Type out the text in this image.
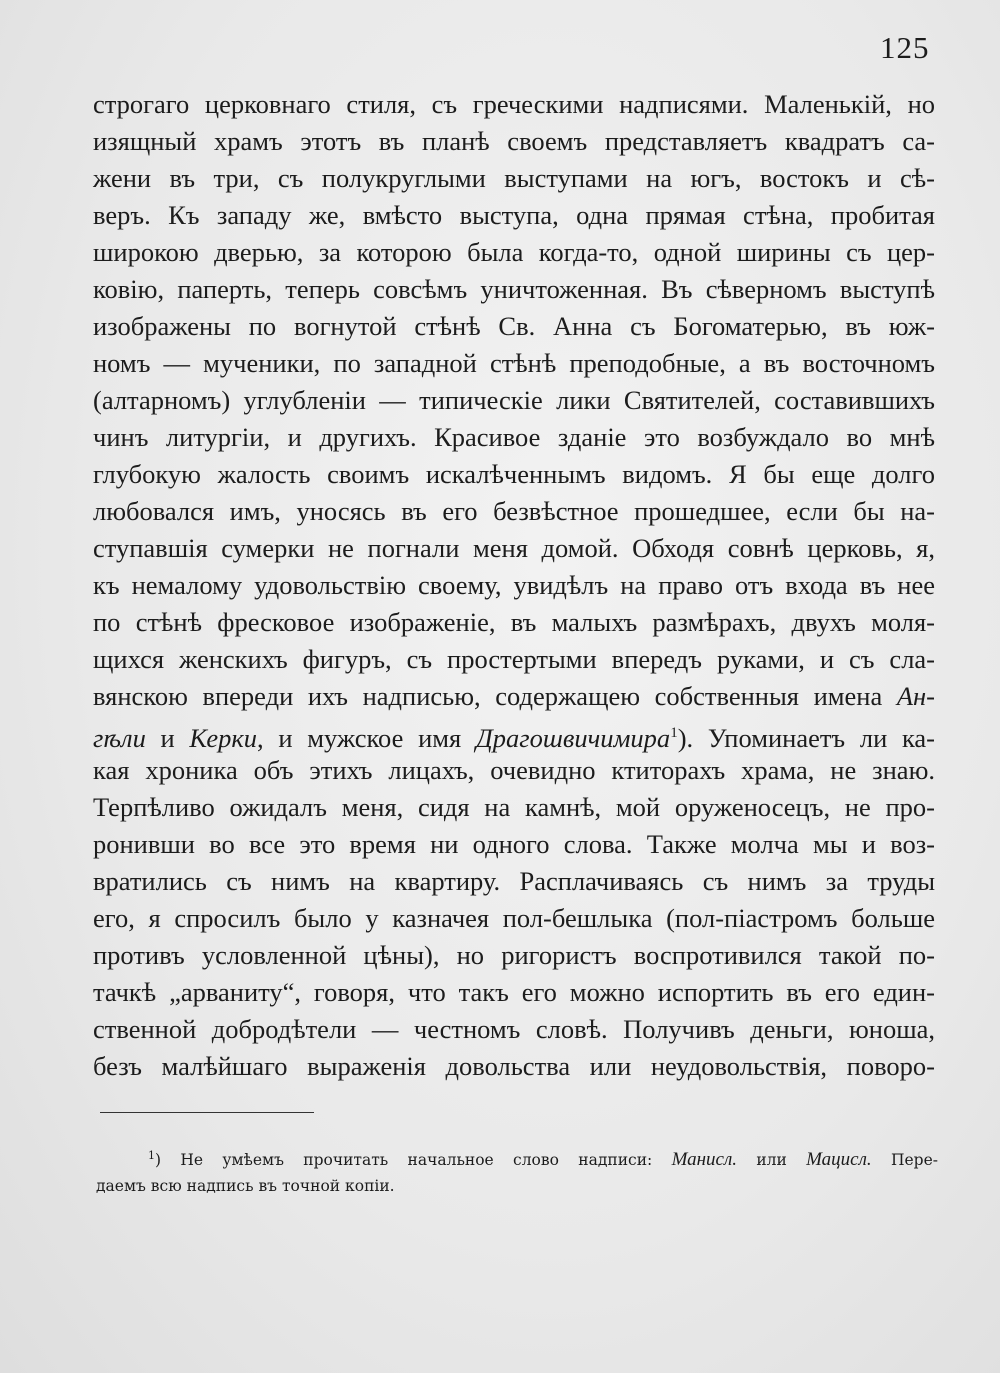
125
строгаго церковнаго стиля, съ греческими надписями. Маленькій, но
изящный храмъ этотъ въ планѣ своемъ представляетъ квадратъ са-
жени въ три, съ полукруглыми выступами на югъ, востокъ и сѣ-
веръ. Къ западу же, вмѣсто выступа, одна прямая стѣна, пробитая
широкою дверью, за которою была когда-то, одной ширины съ цер-
ковію, паперть, теперь совсѣмъ уничтоженная. Въ сѣверномъ выступѣ
изображены по вогнутой стѣнѣ Св. Анна съ Богоматерью, въ юж-
номъ — мученики, по западной стѣнѣ преподобные, а въ восточномъ
(алтарномъ) углубленіи — типическіе лики Святителей, составившихъ
чинъ литургіи, и другихъ. Красивое зданіе это возбуждало во мнѣ
глубокую жалость своимъ искалѣченнымъ видомъ. Я бы еще долго
любовался имъ, уносясь въ его безвѣстное прошедшее, если бы на-
ступавшія сумерки не погнали меня домой. Обходя совнѣ церковь, я,
къ немалому удовольствію своему, увидѣлъ на право отъ входа въ нее
по стѣнѣ фресковое изображеніе, въ малыхъ размѣрахъ, двухъ моля-
щихся женскихъ фигуръ, съ простертыми впередъ руками, и съ сла-
вянскою впереди ихъ надписью, содержащею собственныя имена Ан-
гѣли и Керки, и мужское имя Драгошвичимира$^1$). Упоминаетъ ли ка-
кая хроника объ этихъ лицахъ, очевидно ктиторахъ храма, не знаю.
Терпѣливо ожидалъ меня, сидя на камнѣ, мой оруженосецъ, не про-
ронивши во все это время ни одного слова. Также молча мы и воз-
вратились съ нимъ на квартиру. Расплачиваясь съ нимъ за труды
его, я спросилъ было у казначея пол-бешлыка (пол-піастромъ больше
противъ условленной цѣны), но ригористъ воспротивился такой по-
тачкѣ „арваниту“, говоря, что такъ его можно испортить въ его един-
ственной добродѣтели — честномъ словѣ. Получивъ деньги, юноша,
безъ малѣйшаго выраженія довольства или неудовольствія, поворо-
$^1$) Не умѣемъ прочитать начальное слово надписи: Манисл. или Мацисл. Пере-
даемъ всю надпись въ точной копіи.
